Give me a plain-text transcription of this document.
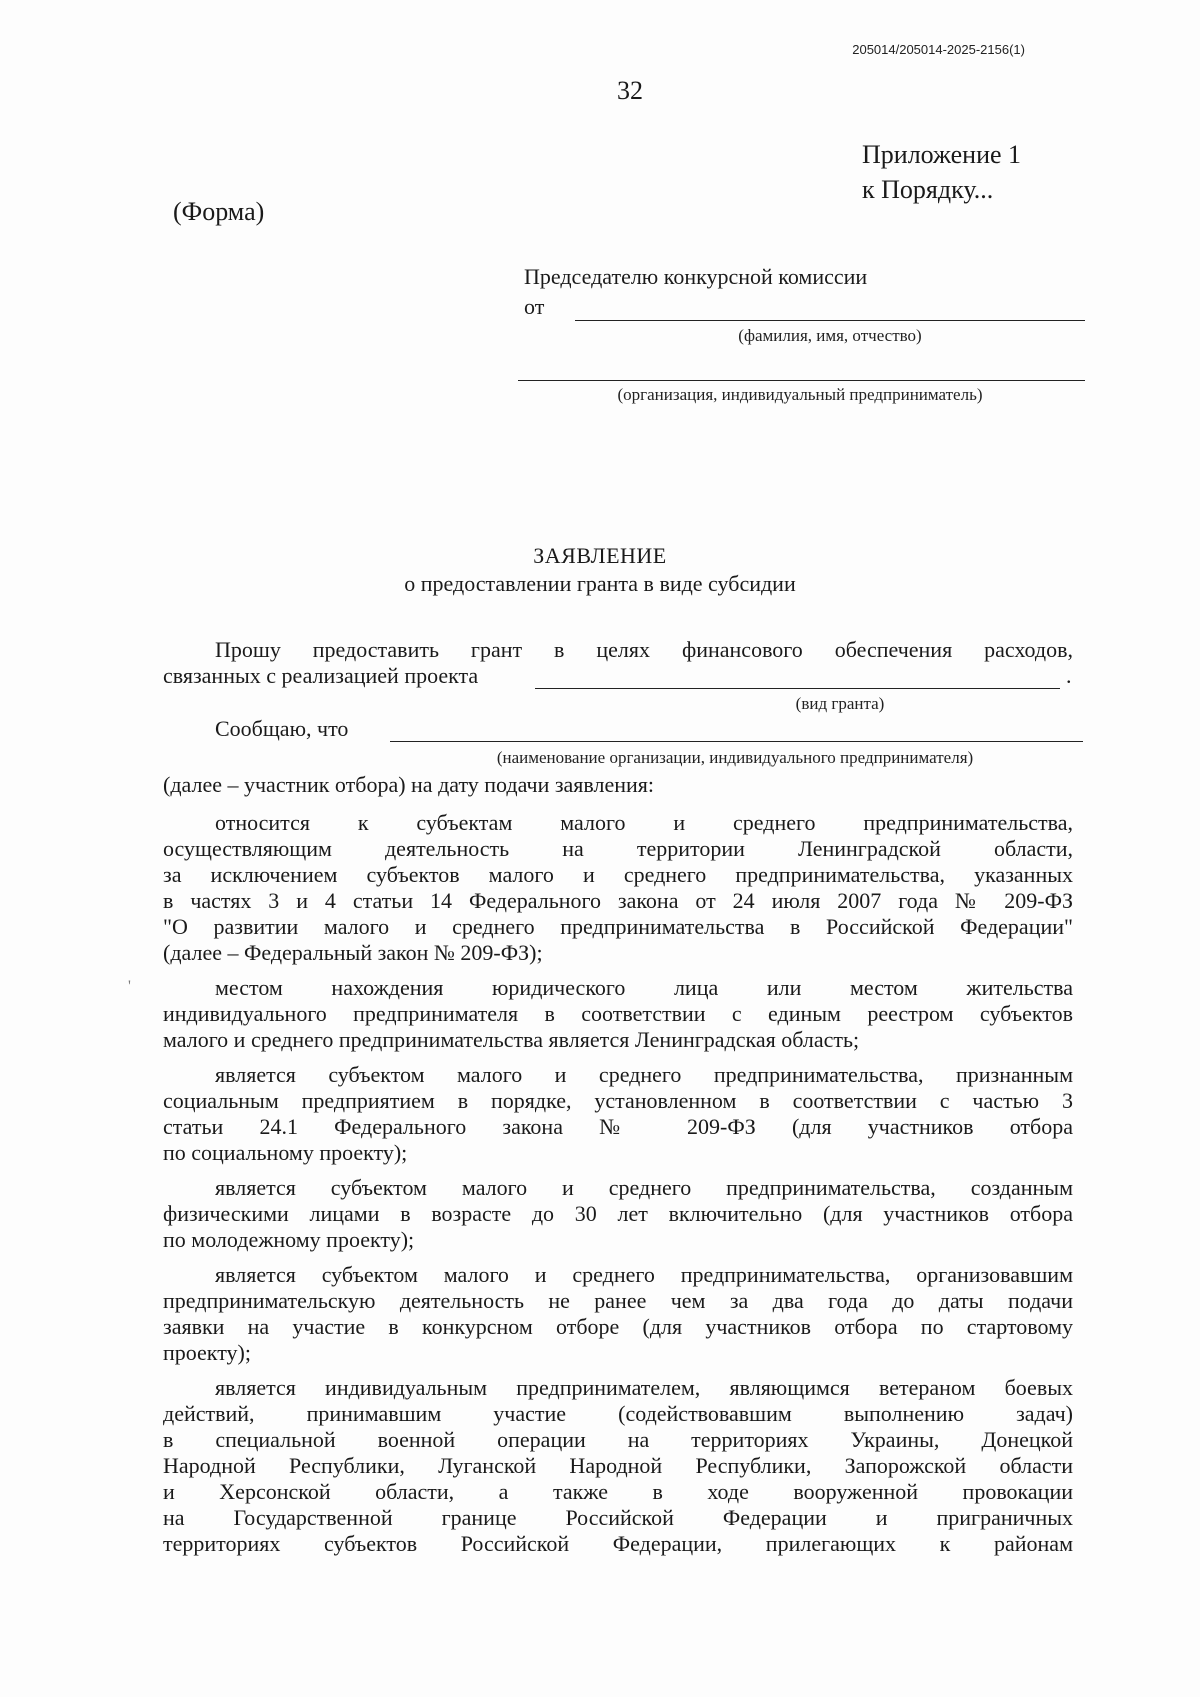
205014/205014-2025-2156(1)
32
Приложение 1
к Порядку...
(Форма)
Председателю конкурсной комиссии
от
(фамилия, имя, отчество)
(организация, индивидуальный предприниматель)
ЗАЯВЛЕНИЕ
о предоставлении гранта в виде субсидии
Прошу предоставить грант в целях финансового обеспечения расходов,
связанных с реализацией проекта	.
(вид гранта)
Сообщаю, что
(наименование организации, индивидуального предпринимателя)
(далее – участник отбора) на дату подачи заявления:
относится к субъектам малого и среднего предпринимательства,
осуществляющим деятельность на территории Ленинградской области,
за исключением субъектов малого и среднего предпринимательства, указанных
в частях 3 и 4 статьи 14 Федерального закона от 24 июля 2007 года № 209-ФЗ
"О развитии малого и среднего предпринимательства в Российской Федерации"
(далее – Федеральный закон № 209-ФЗ);
местом нахождения юридического лица или местом жительства
индивидуального предпринимателя в соответствии с единым реестром субъектов
малого и среднего предпринимательства является Ленинградская область;
является субъектом малого и среднего предпринимательства, признанным
социальным предприятием в порядке, установленном в соответствии с частью 3
статьи 24.1 Федерального закона № 209-ФЗ (для участников отбора
по социальному проекту);
является субъектом малого и среднего предпринимательства, созданным
физическими лицами в возрасте до 30 лет включительно (для участников отбора
по молодежному проекту);
является субъектом малого и среднего предпринимательства, организовавшим
предпринимательскую деятельность не ранее чем за два года до даты подачи
заявки на участие в конкурсном отборе (для участников отбора по стартовому
проекту);
является индивидуальным предпринимателем, являющимся ветераном боевых
действий, принимавшим участие (содействовавшим выполнению задач)
в специальной военной операции на территориях Украины, Донецкой
Народной Республики, Луганской Народной Республики, Запорожской области
и Херсонской области, а также в ходе вооруженной провокации
на Государственной границе Российской Федерации и приграничных
территориях субъектов Российской Федерации, прилегающих к районам
'
